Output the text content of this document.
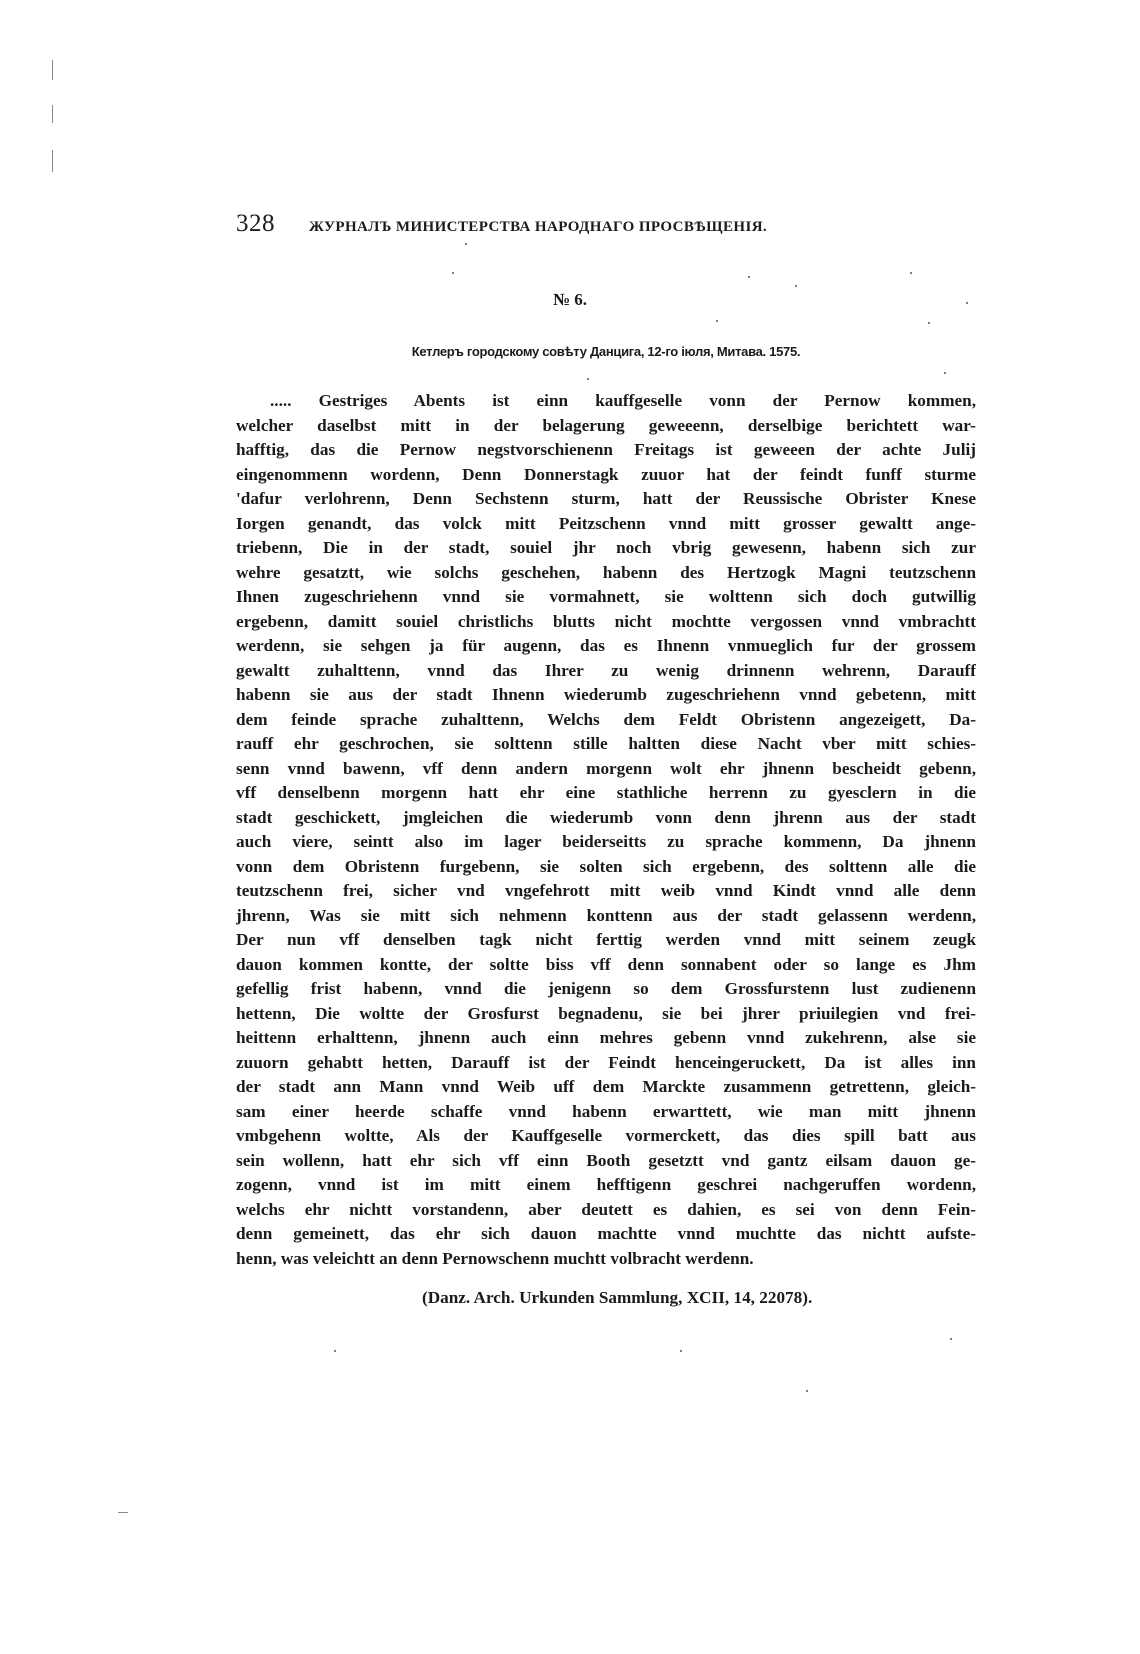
328 ЖУРНАЛЪ МИНИСТЕРСТВА НАРОДНАГО ПРОСВѢЩЕНІЯ.
№ 6.
Кетлеръ городскому совѣту Данцига, 12-го іюля, Митава. 1575.
..... Gestriges Abents ist einn kauffgeselle vonn der Pernow kommen,
welcher daselbst mitt in der belagerung geweeenn, derselbige berichtett war-
hafftig, das die Pernow negstvorschienenn Freitags ist geweeen der achte Julij
eingenommenn wordenn, Denn Donnerstagk zuuor hat der feindt funff sturme
'dafur verlohrenn, Denn Sechstenn sturm, hatt der Reussische Obrister Knese
Iorgen genandt, das volck mitt Peitzschenn vnnd mitt grosser gewaltt ange-
triebenn, Die in der stadt, souiel jhr noch vbrig gewesenn, habenn sich zur
wehre gesatztt, wie solchs geschehen, habenn des Hertzogk Magni teutzschenn
Ihnen zugeschriehenn vnnd sie vormahnett, sie wolttenn sich doch gutwillig
ergebenn, damitt souiel christlichs blutts nicht mochtte vergossen vnnd vmbrachtt
werdenn, sie sehgen ja für augenn, das es Ihnenn vnmueglich fur der grossem
gewaltt zuhalttenn, vnnd das Ihrer zu wenig drinnenn wehrenn, Darauff
habenn sie aus der stadt Ihnenn wiederumb zugeschriehenn vnnd gebetenn, mitt
dem feinde sprache zuhalttenn, Welchs dem Feldt Obristenn angezeigett, Da-
rauff ehr geschrochen, sie solttenn stille haltten diese Nacht vber mitt schies-
senn vnnd bawenn, vff denn andern morgenn wolt ehr jhnenn bescheidt gebenn,
vff denselbenn morgenn hatt ehr eine stathliche herrenn zu gyesclern in die
stadt geschickett, jmgleichen die wiederumb vonn denn jhrenn aus der stadt
auch viere, seintt also im lager beiderseitts zu sprache kommenn, Da jhnenn
vonn dem Obristenn furgebenn, sie solten sich ergebenn, des solttenn alle die
teutzschenn frei, sicher vnd vngefehrott mitt weib vnnd Kindt vnnd alle denn
jhrenn, Was sie mitt sich nehmenn konttenn aus der stadt gelassenn werdenn,
Der nun vff denselben tagk nicht ferttig werden vnnd mitt seinem zeugk
dauon kommen kontte, der soltte biss vff denn sonnabent oder so lange es Jhm
gefellig frist habenn, vnnd die jenigenn so dem Grossfurstenn lust zudienenn
hettenn, Die woltte der Grosfurst begnadenu, sie bei jhrer priuilegien vnd frei-
heittenn erhalttenn, jhnenn auch einn mehres gebenn vnnd zukehrenn, alse sie
zuuorn gehabtt hetten, Darauff ist der Feindt henceingeruckett, Da ist alles inn
der stadt ann Mann vnnd Weib uff dem Marckte zusammenn getrettenn, gleich-
sam einer heerde schaffe vnnd habenn erwarttett, wie man mitt jhnenn
vmbgehenn woltte, Als der Kauffgeselle vormerckett, das dies spill batt aus
sein wollenn, hatt ehr sich vff einn Booth gesetztt vnd gantz eilsam dauon ge-
zogenn, vnnd ist im mitt einem hefftigenn geschrei nachgeruffen wordenn,
welchs ehr nichtt vorstandenn, aber deutett es dahien, es sei von denn Fein-
denn gemeinett, das ehr sich dauon machtte vnnd muchtte das nichtt aufste-
henn, was veleichtt an denn Pernowschenn muchtt volbracht werdenn.
(Danz. Arch. Urkunden Sammlung, XCII, 14, 22078).
